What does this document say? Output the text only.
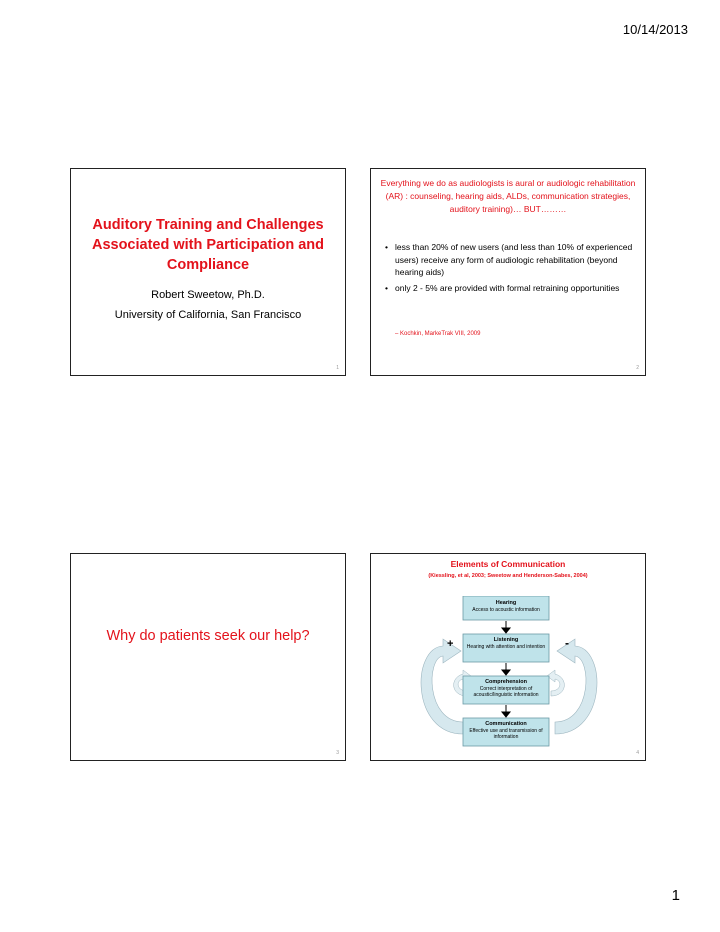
10/14/2013
Auditory Training and Challenges Associated with Participation and Compliance
Robert Sweetow, Ph.D.
University of California, San Francisco
1
Everything we do as audiologists is aural or audiologic rehabilitation (AR) : counseling, hearing aids, ALDs, communication strategies, auditory training)… BUT………
• less than 20% of new users (and less than 10% of experienced users) receive any form of audiologic rehabilitation (beyond hearing aids)
• only 2 - 5% are provided with formal retraining opportunities
– Kochkin, MarkeTrak VIII, 2009
2
Why do patients seek our help?
3
Elements of Communication
(Kiessling, et al, 2003; Sweetow and Henderson-Sabes, 2004)
Hearing
Access to acoustic information
Listening
Hearing with attention and intention
Comprehension
Correct interpretation of acoustic/linguistic information
Communication
Effective use and transmission of information
+	-
4
1
